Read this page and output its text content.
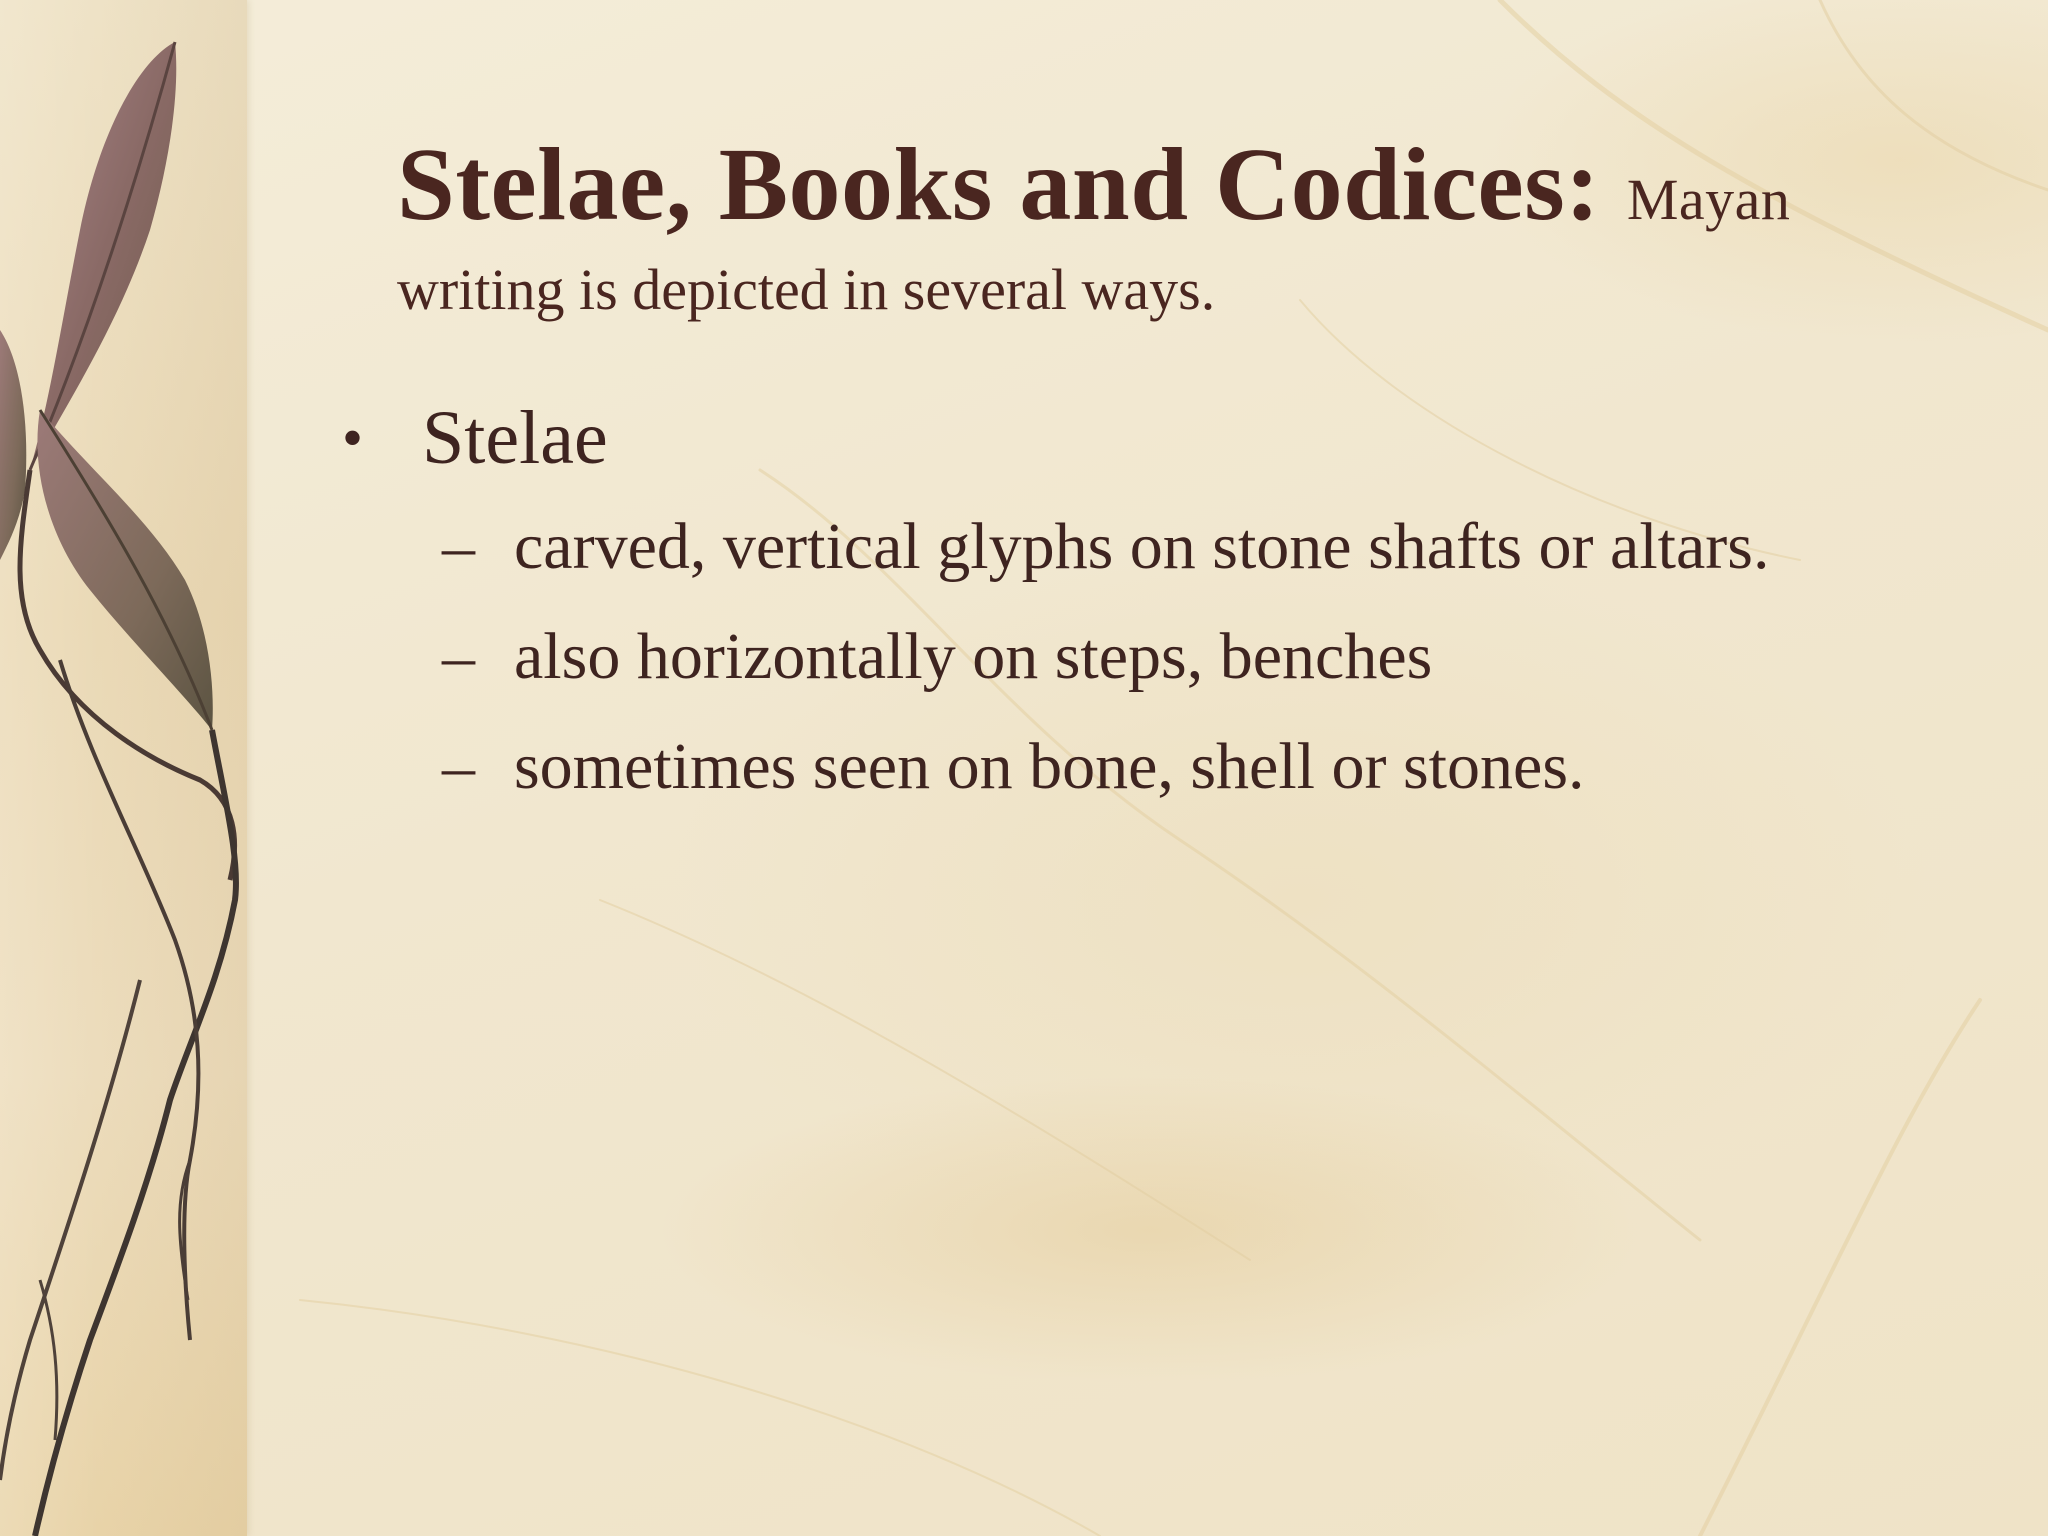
Stelae, Books and Codices: Mayan
writing is depicted in several ways.
• Stelae
– carved, vertical glyphs on stone shafts or altars.
– also horizontally on steps, benches
– sometimes seen on bone, shell or stones.
